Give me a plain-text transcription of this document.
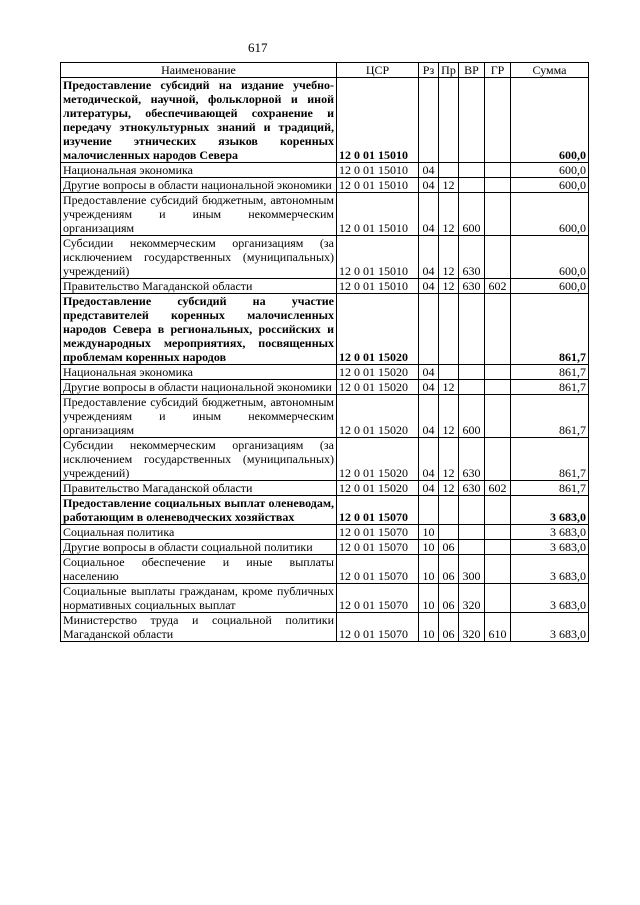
617
Наименование	ЦСР	Рз	Пр	ВР	ГР	Сумма
Предоставление субсидий на издание учебно-методической, научной, фольклорной и иной литературы, обеспечивающей сохранение и передачу этнокультурных знаний и традиций, изучение этнических языков коренных малочисленных народов Севера	12 0 01 15010					600,0
Национальная экономика	12 0 01 15010	04				600,0
Другие вопросы в области национальной экономики	12 0 01 15010	04	12			600,0
Предоставление субсидий бюджетным, автономным учреждениям и иным некоммерческим организациям	12 0 01 15010	04	12	600		600,0
Субсидии некоммерческим организациям (за исключением государственных (муниципальных) учреждений)	12 0 01 15010	04	12	630		600,0
Правительство Магаданской области	12 0 01 15010	04	12	630	602	600,0
Предоставление субсидий на участие представителей коренных малочисленных народов Севера в региональных, российских и международных мероприятиях, посвященных проблемам коренных народов	12 0 01 15020					861,7
Национальная экономика	12 0 01 15020	04				861,7
Другие вопросы в области национальной экономики	12 0 01 15020	04	12			861,7
Предоставление субсидий бюджетным, автономным учреждениям и иным некоммерческим организациям	12 0 01 15020	04	12	600		861,7
Субсидии некоммерческим организациям (за исключением государственных (муниципальных) учреждений)	12 0 01 15020	04	12	630		861,7
Правительство Магаданской области	12 0 01 15020	04	12	630	602	861,7
Предоставление социальных выплат оленеводам, работающим в оленеводческих хозяйствах	12 0 01 15070					3 683,0
Социальная политика	12 0 01 15070	10				3 683,0
Другие вопросы в области социальной политики	12 0 01 15070	10	06			3 683,0
Социальное обеспечение и иные выплаты населению	12 0 01 15070	10	06	300		3 683,0
Социальные выплаты гражданам, кроме публичных нормативных социальных выплат	12 0 01 15070	10	06	320		3 683,0
Министерство труда и социальной политики Магаданской области	12 0 01 15070	10	06	320	610	3 683,0
